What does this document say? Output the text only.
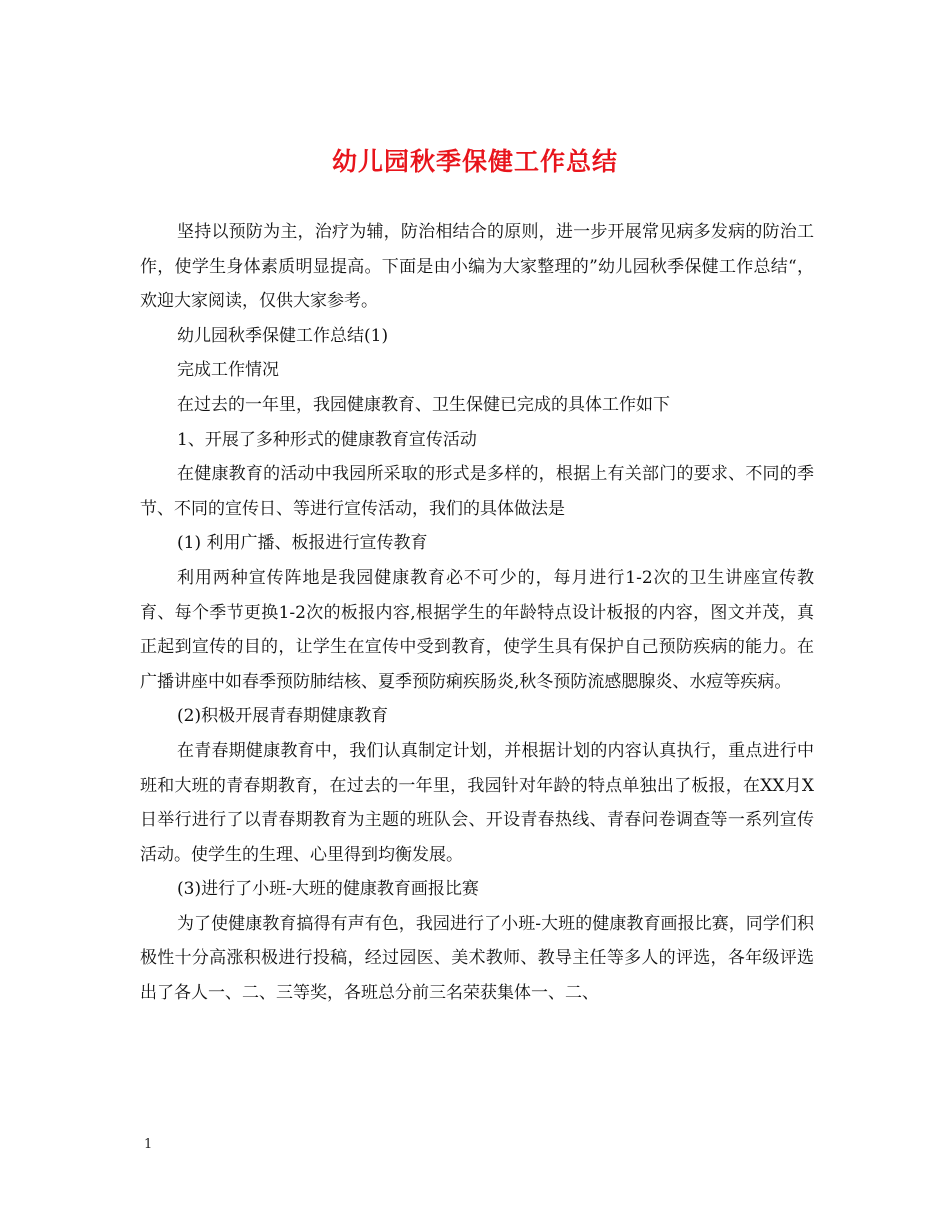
幼儿园秋季保健工作总结

坚持以预防为主，治疗为辅，防治相结合的原则，进一步开展常见病多发病的防治工作，使学生身体素质明显提高。下面是由小编为大家整理的”幼儿园秋季保健工作总结“，欢迎大家阅读，仅供大家参考。

幼儿园秋季保健工作总结(1)

完成工作情况

在过去的一年里，我园健康教育、卫生保健已完成的具体工作如下

1、开展了多种形式的健康教育宣传活动

在健康教育的活动中我园所采取的形式是多样的，根据上有关部门的要求、不同的季节、不同的宣传日、等进行宣传活动，我们的具体做法是

(1) 利用广播、板报进行宣传教育

利用两种宣传阵地是我园健康教育必不可少的，每月进行1-2次的卫生讲座宣传教育、每个季节更换1-2次的板报内容,根据学生的年龄特点设计板报的内容，图文并茂，真正起到宣传的目的，让学生在宣传中受到教育，使学生具有保护自己预防疾病的能力。在广播讲座中如春季预防肺结核、夏季预防痢疾肠炎,秋冬预防流感腮腺炎、水痘等疾病。

(2)积极开展青春期健康教育

在青春期健康教育中，我们认真制定计划，并根据计划的内容认真执行，重点进行中班和大班的青春期教育，在过去的一年里，我园针对年龄的特点单独出了板报，在XX月X日举行进行了以青春期教育为主题的班队会、开设青春热线、青春问卷调查等一系列宣传活动。使学生的生理、心里得到均衡发展。

(3)进行了小班-大班的健康教育画报比赛

为了使健康教育搞得有声有色，我园进行了小班-大班的健康教育画报比赛，同学们积极性十分高涨积极进行投稿，经过园医、美术教师、教导主任等多人的评选，各年级评选出了各人一、二、三等奖，各班总分前三名荣获集体一、二、

1
